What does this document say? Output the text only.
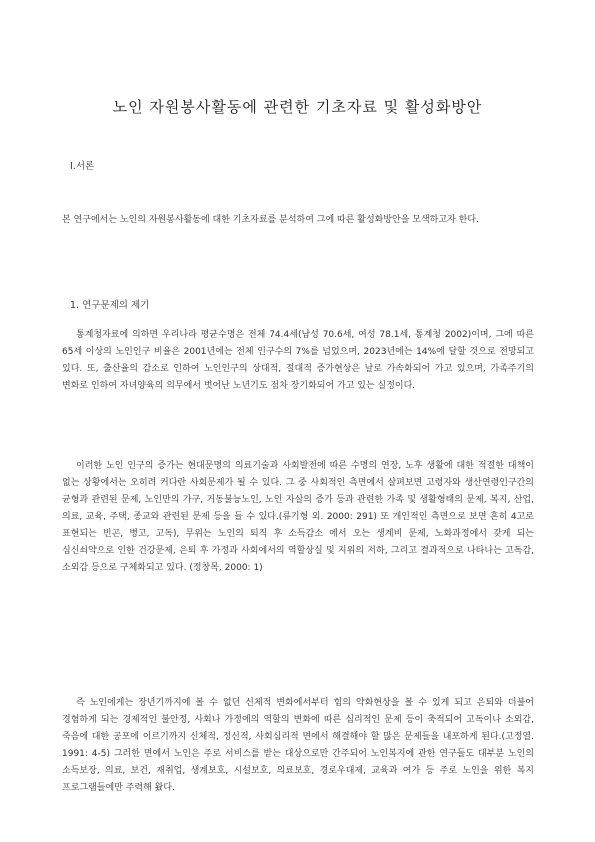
노인 자원봉사활동에 관련한 기초자료 및 활성화방안
Ⅰ.서론

본 연구에서는 노인의 자원봉사활동에 대한 기초자료를 분석하여 그에 따른 활성화방안을 모색하고자 한다.

1. 연구문제의 제기

통계청자료에 의하면 우리나라 평균수명은 전체 74.4세(남성 70.6세, 여성 78.1세, 통계청 2002)이며, 그에 따른 65세 이상의 노인인구 비율은 2001년에는 전체 인구수의 7%를 넘었으며, 2023년에는 14%에 달할 것으로 전망되고 있다. 또, 출산율의 감소로 인하여 노인인구의 상대적, 절대적 증가현상은 날로 가속화되어 가고 있으며, 가족주기의 변화로 인하여 자녀양육의 의무에서 벗어난 노년기도 점차 장기화되어 가고 있는 실정이다.

이러한 노인 인구의 증가는 현대문명의 의료기술과 사회발전에 따른 수명의 연장, 노후 생활에 대한 적절한 대책이 없는 상황에서는 오히려 커다란 사회문제가 될 수 있다. 그 중 사회적인 측면에서 살펴보면 고령자와 생산연령인구간의 균형과 관련된 문제, 노인만의 가구, 거동불능노인, 노인 자살의 증가 등과 관련한 가족 및 생활형태의 문제, 복지, 산업, 의료, 교육, 주택, 종교와 관련된 문제 등을 들 수 있다.(류기형 외. 2000: 291) 또 개인적인 측면으로 보면 흔히 4고로 표현되는 빈곤, 병고, 고독), 무위는 노인의 퇴직 후 소득감소 에서 오는 생계비 문제, 노화과정에서 갖게 되는 심신쇠약으로 인한 건강문제, 은퇴 후 가정과 사회에서의 역할상실 및 지위의 저하, 그리고 결과적으로 나타나는 고독감, 소외감 등으로 구체화되고 있다. (정창목, 2000: 1)

즉 노인에게는 장년기까지에 볼 수 없던 신체적 변화에서부터 힘의 약화현상을 볼 수 있게 되고 은퇴와 더불어 경험하게 되는 경제적인 불안정, 사회나 가정에의 역할의 변화에 따른 심리적인 문제 등이 축적되어 고독이나 소외감, 죽음에 대한 공포에 이르기까지 신체적, 정신적, 사회심리적 면에서 해결해야 할 많은 문제들을 내포하게 된다.(고정열. 1991: 4-5) 그러한 면에서 노인은 주로 서비스를 받는 대상으로만 간주되어 노인복지에 관한 연구들도 대부분 노인의 소득보장, 의료, 보건, 재취업, 생계보호, 시설보호, 의료보호, 경로우대제, 교육과 여가 등 주로 노인을 위한 복지 프로그램들에만 주력해 왔다.
